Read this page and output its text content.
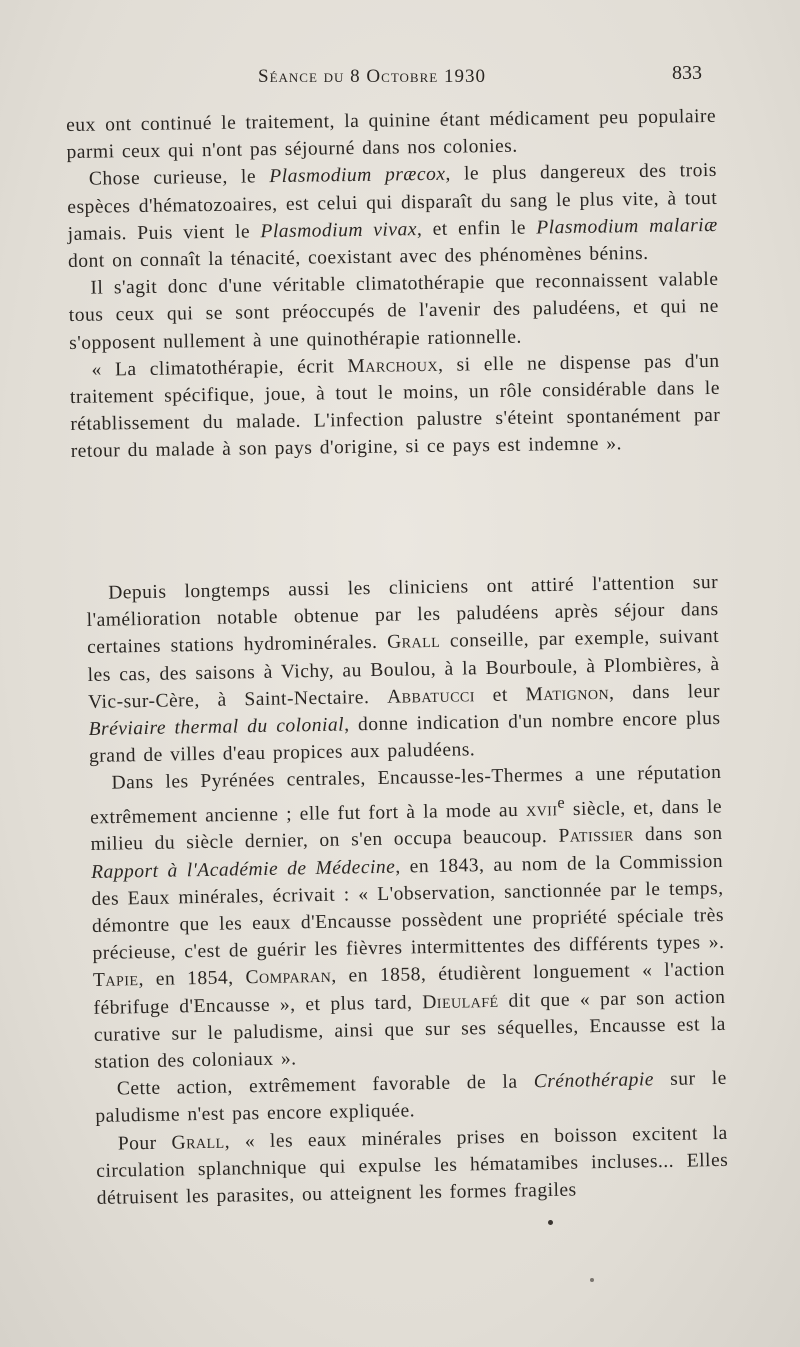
Séance du 8 Octobre 1930	833

eux ont continué le traitement, la quinine étant médicament peu populaire parmi ceux qui n'ont pas séjourné dans nos colonies.

Chose curieuse, le Plasmodium præcox, le plus dangereux des trois espèces d'hématozoaires, est celui qui disparaît du sang le plus vite, à tout jamais. Puis vient le Plasmodium vivax, et enfin le Plasmodium malariæ dont on connaît la ténacité, coexistant avec des phénomènes bénins.

Il s'agit donc d'une véritable climatothérapie que reconnaissent valable tous ceux qui se sont préoccupés de l'avenir des paludéens, et qui ne s'opposent nullement à une quinothérapie rationnelle.

« La climatothérapie, écrit Marchoux, si elle ne dispense pas d'un traitement spécifique, joue, à tout le moins, un rôle considérable dans le rétablissement du malade. L'infection palustre s'éteint spontanément par retour du malade à son pays d'origine, si ce pays est indemne ».

Depuis longtemps aussi les cliniciens ont attiré l'attention sur l'amélioration notable obtenue par les paludéens après séjour dans certaines stations hydrominérales. Grall conseille, par exemple, suivant les cas, des saisons à Vichy, au Boulou, à la Bourboule, à Plombières, à Vic-sur-Cère, à Saint-Nectaire. Abbatucci et Matignon, dans leur Bréviaire thermal du colonial, donne indication d'un nombre encore plus grand de villes d'eau propices aux paludéens.

Dans les Pyrénées centrales, Encausse-les-Thermes a une réputation extrêmement ancienne ; elle fut fort à la mode au xvii$^e$ siècle, et, dans le milieu du siècle dernier, on s'en occupa beaucoup. Patissier dans son Rapport à l'Académie de Médecine, en 1843, au nom de la Commission des Eaux minérales, écrivait : « L'observation, sanctionnée par le temps, démontre que les eaux d'Encausse possèdent une propriété spéciale très précieuse, c'est de guérir les fièvres intermittentes des différents types ». Tapie, en 1854, Comparan, en 1858, étudièrent longuement « l'action fébrifuge d'Encausse », et plus tard, Dieulafé dit que « par son action curative sur le paludisme, ainsi que sur ses séquelles, Encausse est la station des coloniaux ».

Cette action, extrêmement favorable de la Crénothérapie sur le paludisme n'est pas encore expliquée.

Pour Grall, « les eaux minérales prises en boisson excitent la circulation splanchnique qui expulse les hématamibes incluses... Elles détruisent les parasites, ou atteignent les formes fragiles
